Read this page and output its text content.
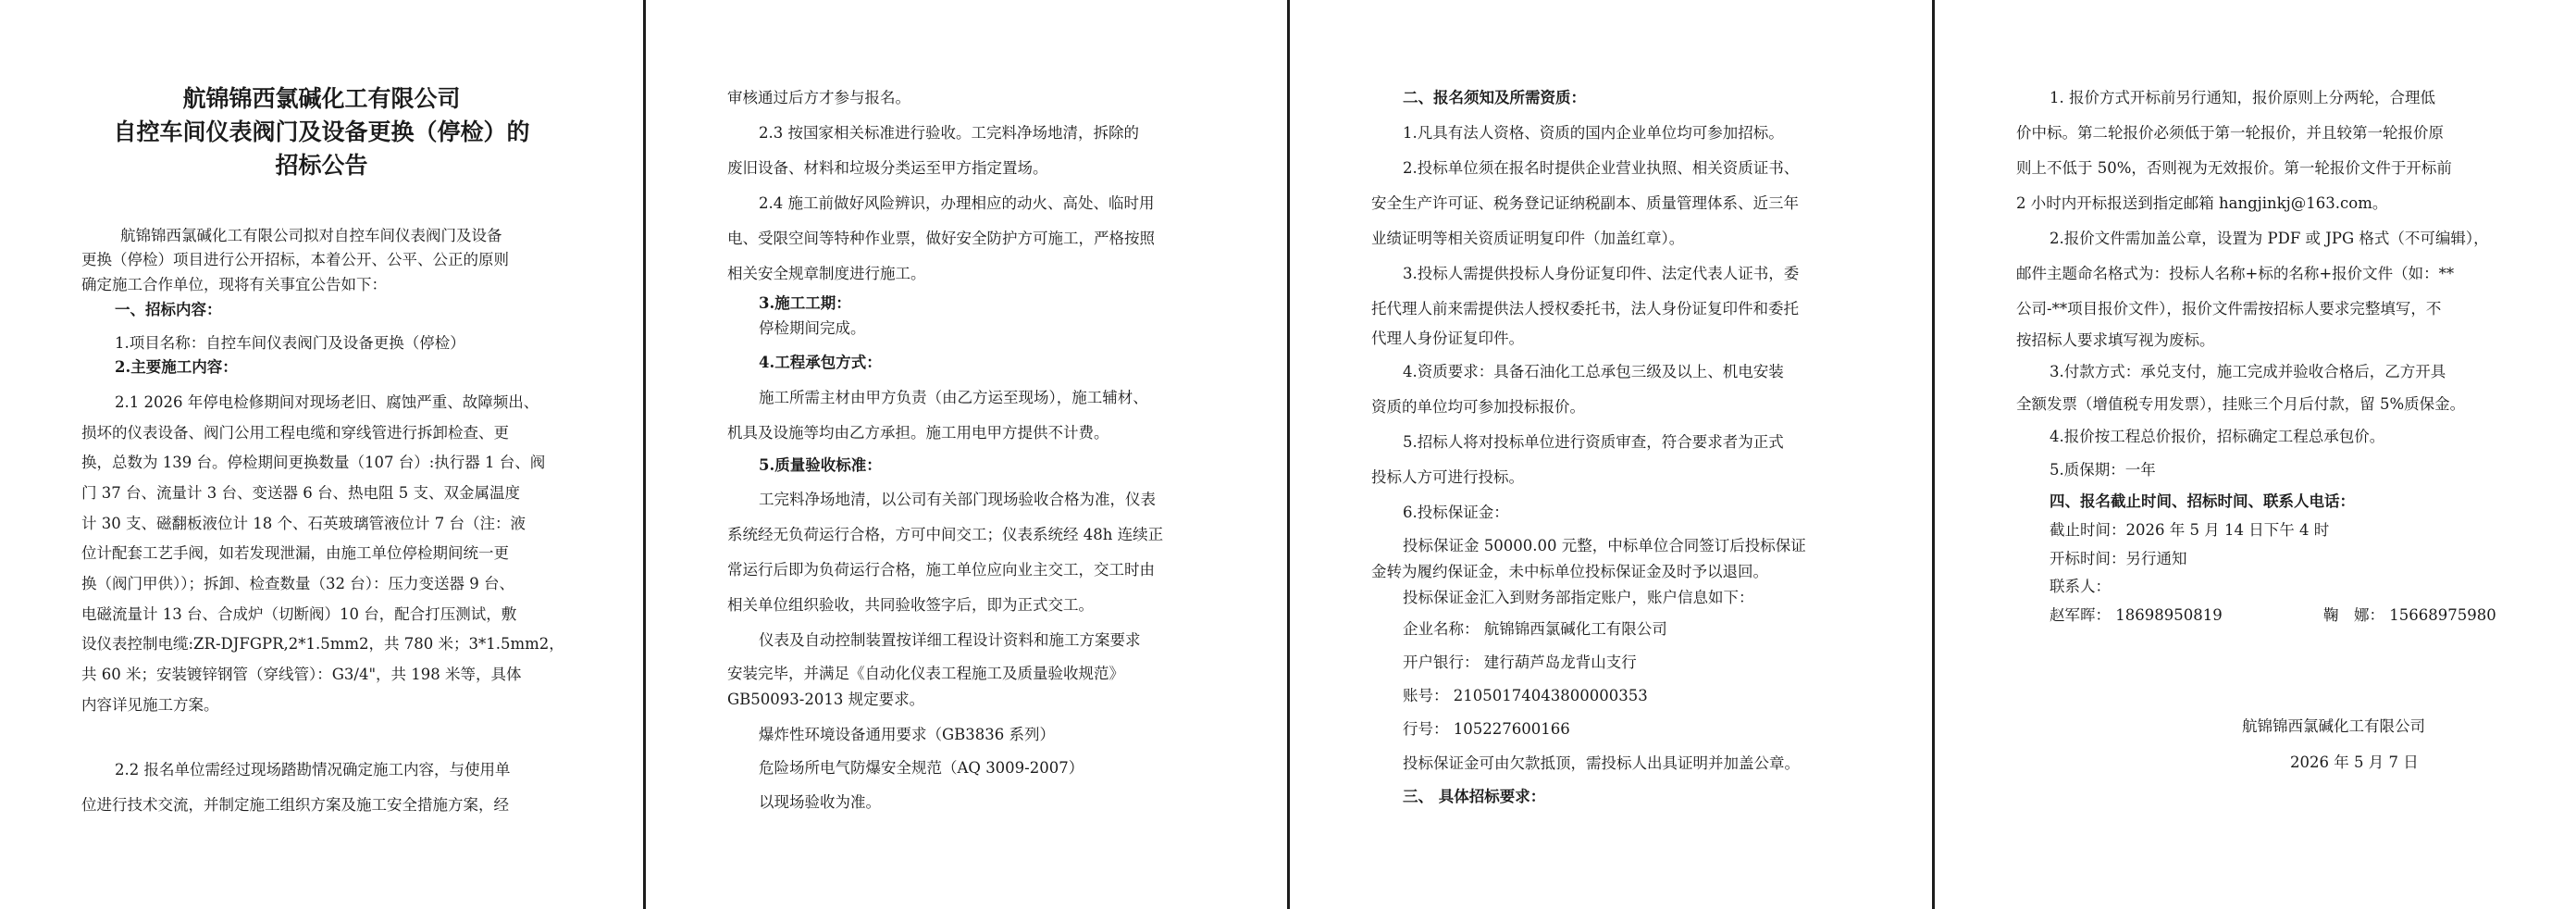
航锦锦西氯碱化工有限公司
自控车间仪表阀门及设备更换（停检）的
招标公告
航锦锦西氯碱化工有限公司拟对自控车间仪表阀门及设备
更换（停检）项目进行公开招标，本着公开、公平、公正的原则
确定施工合作单位，现将有关事宜公告如下：
一、招标内容：
1.项目名称：自控车间仪表阀门及设备更换（停检）
2.主要施工内容：
2.1 2026 年停电检修期间对现场老旧、腐蚀严重、故障频出、
损坏的仪表设备、阀门公用工程电缆和穿线管进行拆卸检查、更
换，总数为 139 台。停检期间更换数量（107 台）:执行器 1 台、阀
门 37 台、流量计 3 台、变送器 6 台、热电阻 5 支、双金属温度
计 30 支、磁翻板液位计 18 个、石英玻璃管液位计 7 台（注：液
位计配套工艺手阀，如若发现泄漏，由施工单位停检期间统一更
换（阀门甲供））；拆卸、检查数量（32 台）：压力变送器 9 台、
电磁流量计 13 台、合成炉（切断阀）10 台，配合打压测试，敷
设仪表控制电缆:ZR-DJFGPR,2*1.5mm2，共 780 米；3*1.5mm2，
共 60 米；安装镀锌钢管（穿线管）：G3/4"，共 198 米等，具体
内容详见施工方案。
2.2 报名单位需经过现场踏勘情况确定施工内容，与使用单
位进行技术交流，并制定施工组织方案及施工安全措施方案，经
审核通过后方才参与报名。
2.3 按国家相关标准进行验收。工完料净场地清，拆除的
废旧设备、材料和垃圾分类运至甲方指定置场。
2.4 施工前做好风险辨识，办理相应的动火、高处、临时用
电、受限空间等特种作业票，做好安全防护方可施工，严格按照
相关安全规章制度进行施工。
3.施工工期：
停检期间完成。
4.工程承包方式：
施工所需主材由甲方负责（由乙方运至现场），施工辅材、
机具及设施等均由乙方承担。施工用电甲方提供不计费。
5.质量验收标准：
工完料净场地清，以公司有关部门现场验收合格为准，仪表
系统经无负荷运行合格，方可中间交工；仪表系统经 48h 连续正
常运行后即为负荷运行合格，施工单位应向业主交工，交工时由
相关单位组织验收，共同验收签字后，即为正式交工。
仪表及自动控制装置按详细工程设计资料和施工方案要求
安装完毕，并满足《自动化仪表工程施工及质量验收规范》
GB50093-2013 规定要求。
爆炸性环境设备通用要求（GB3836 系列）
危险场所电气防爆安全规范（AQ 3009-2007）
以现场验收为准。
二、报名须知及所需资质：
1.凡具有法人资格、资质的国内企业单位均可参加招标。
2.投标单位须在报名时提供企业营业执照、相关资质证书、
安全生产许可证、税务登记证纳税副本、质量管理体系、近三年
业绩证明等相关资质证明复印件（加盖红章）。
3.投标人需提供投标人身份证复印件、法定代表人证书，委
托代理人前来需提供法人授权委托书，法人身份证复印件和委托
代理人身份证复印件。
4.资质要求：具备石油化工总承包三级及以上、机电安装
资质的单位均可参加投标报价。
5.招标人将对投标单位进行资质审查，符合要求者为正式
投标人方可进行投标。
6.投标保证金：
投标保证金 50000.00 元整，中标单位合同签订后投标保证
金转为履约保证金，未中标单位投标保证金及时予以退回。
投标保证金汇入到财务部指定账户，账户信息如下：
企业名称： 航锦锦西氯碱化工有限公司
开户银行： 建行葫芦岛龙背山支行
账号： 21050174043800000353
行号： 105227600166
投标保证金可由欠款抵顶，需投标人出具证明并加盖公章。
三、 具体招标要求：
1. 报价方式开标前另行通知，报价原则上分两轮，合理低
价中标。第二轮报价必须低于第一轮报价，并且较第一轮报价原
则上不低于 50%，否则视为无效报价。第一轮报价文件于开标前
2 小时内开标报送到指定邮箱 hangjinkj@163.com。
2.报价文件需加盖公章，设置为 PDF 或 JPG 格式（不可编辑），
邮件主题命名格式为：投标人名称+标的名称+报价文件（如：**
公司-**项目报价文件），报价文件需按招标人要求完整填写，不
按招标人要求填写视为废标。
3.付款方式：承兑支付，施工完成并验收合格后，乙方开具
全额发票（增值税专用发票），挂账三个月后付款，留 5%质保金。
4.报价按工程总价报价，招标确定工程总承包价。
5.质保期：一年
四、报名截止时间、招标时间、联系人电话：
截止时间：2026 年 5 月 14 日下午 4 时
开标时间：另行通知
联系人：
赵军晖： 18698950819	鞠　娜： 15668975980
航锦锦西氯碱化工有限公司
2026 年 5 月 7 日
